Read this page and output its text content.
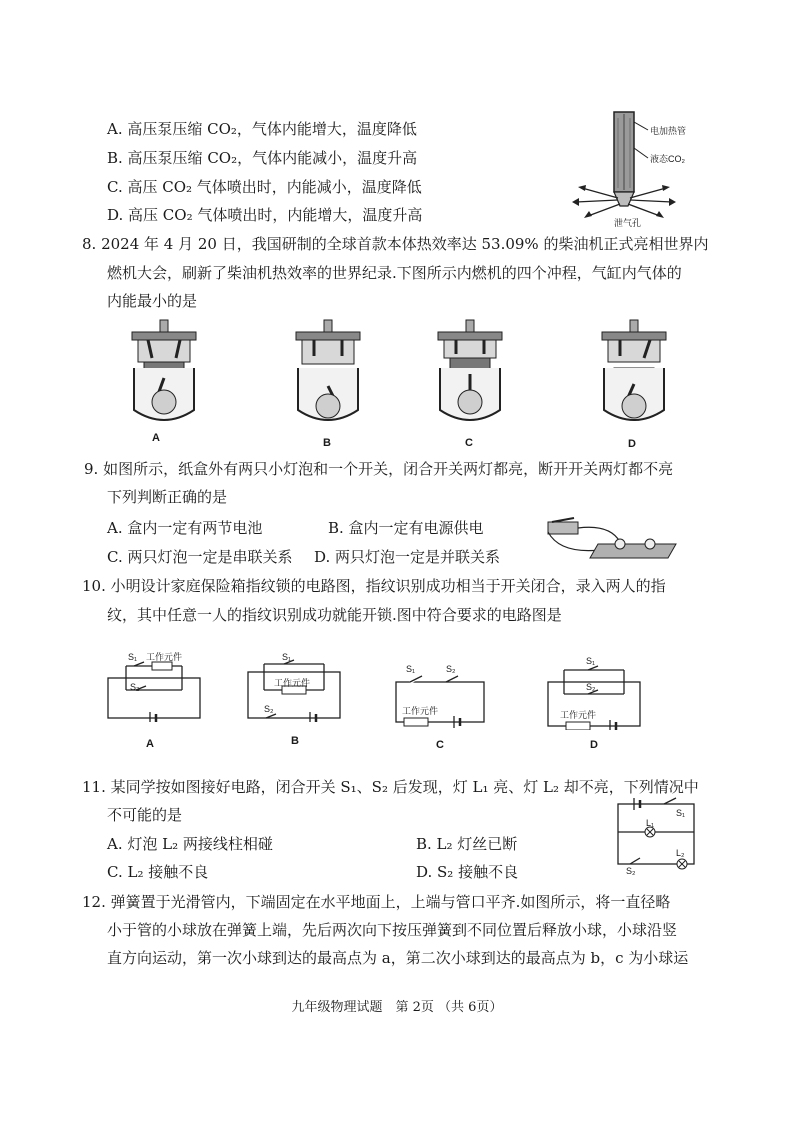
A. 高压泵压缩 CO₂，气体内能增大，温度降低
B. 高压泵压缩 CO₂，气体内能减小，温度升高
C. 高压 CO₂ 气体喷出时，内能减小，温度降低
D. 高压 CO₂ 气体喷出时，内能增大，温度升高
电加热管
液态CO₂
泄气孔
8. 2024 年 4 月 20 日，我国研制的全球首款本体热效率达 53.09% 的柴油机正式亮相世界内
燃机大会，刷新了柴油机热效率的世界纪录.下图所示内燃机的四个冲程，气缸内气体的
内能最小的是
A	B	C	D
9. 如图所示，纸盒外有两只小灯泡和一个开关，闭合开关两灯都亮，断开开关两灯都不亮
下列判断正确的是
A. 盒内一定有两节电池	B. 盒内一定有电源供电
C. 两只灯泡一定是串联关系 D. 两只灯泡一定是并联关系
10. 小明设计家庭保险箱指纹锁的电路图，指纹识别成功相当于开关闭合，录入两人的指
纹，其中任意一人的指纹识别成功就能开锁.图中符合要求的电路图是
S₁
S₂
工作元件
A
S₁
工作元件
S₂
B
S₁	S₂
工作元件
C
S₁
S₂
工作元件
D
11. 某同学按如图接好电路，闭合开关 S₁、S₂ 后发现，灯 L₁ 亮、灯 L₂ 却不亮，下列情况中
不可能的是
A. 灯泡 L₂ 两接线柱相碰	B. L₂ 灯丝已断
C. L₂ 接触不良	D. S₂ 接触不良
S₁
L₁
L₂
S₂
12. 弹簧置于光滑管内，下端固定在水平地面上，上端与管口平齐.如图所示，将一直径略
小于管的小球放在弹簧上端，先后两次向下按压弹簧到不同位置后释放小球，小球沿竖
直方向运动，第一次小球到达的最高点为 a，第二次小球到达的最高点为 b，c 为小球运
九年级物理试题　第 2页 （共 6页）
